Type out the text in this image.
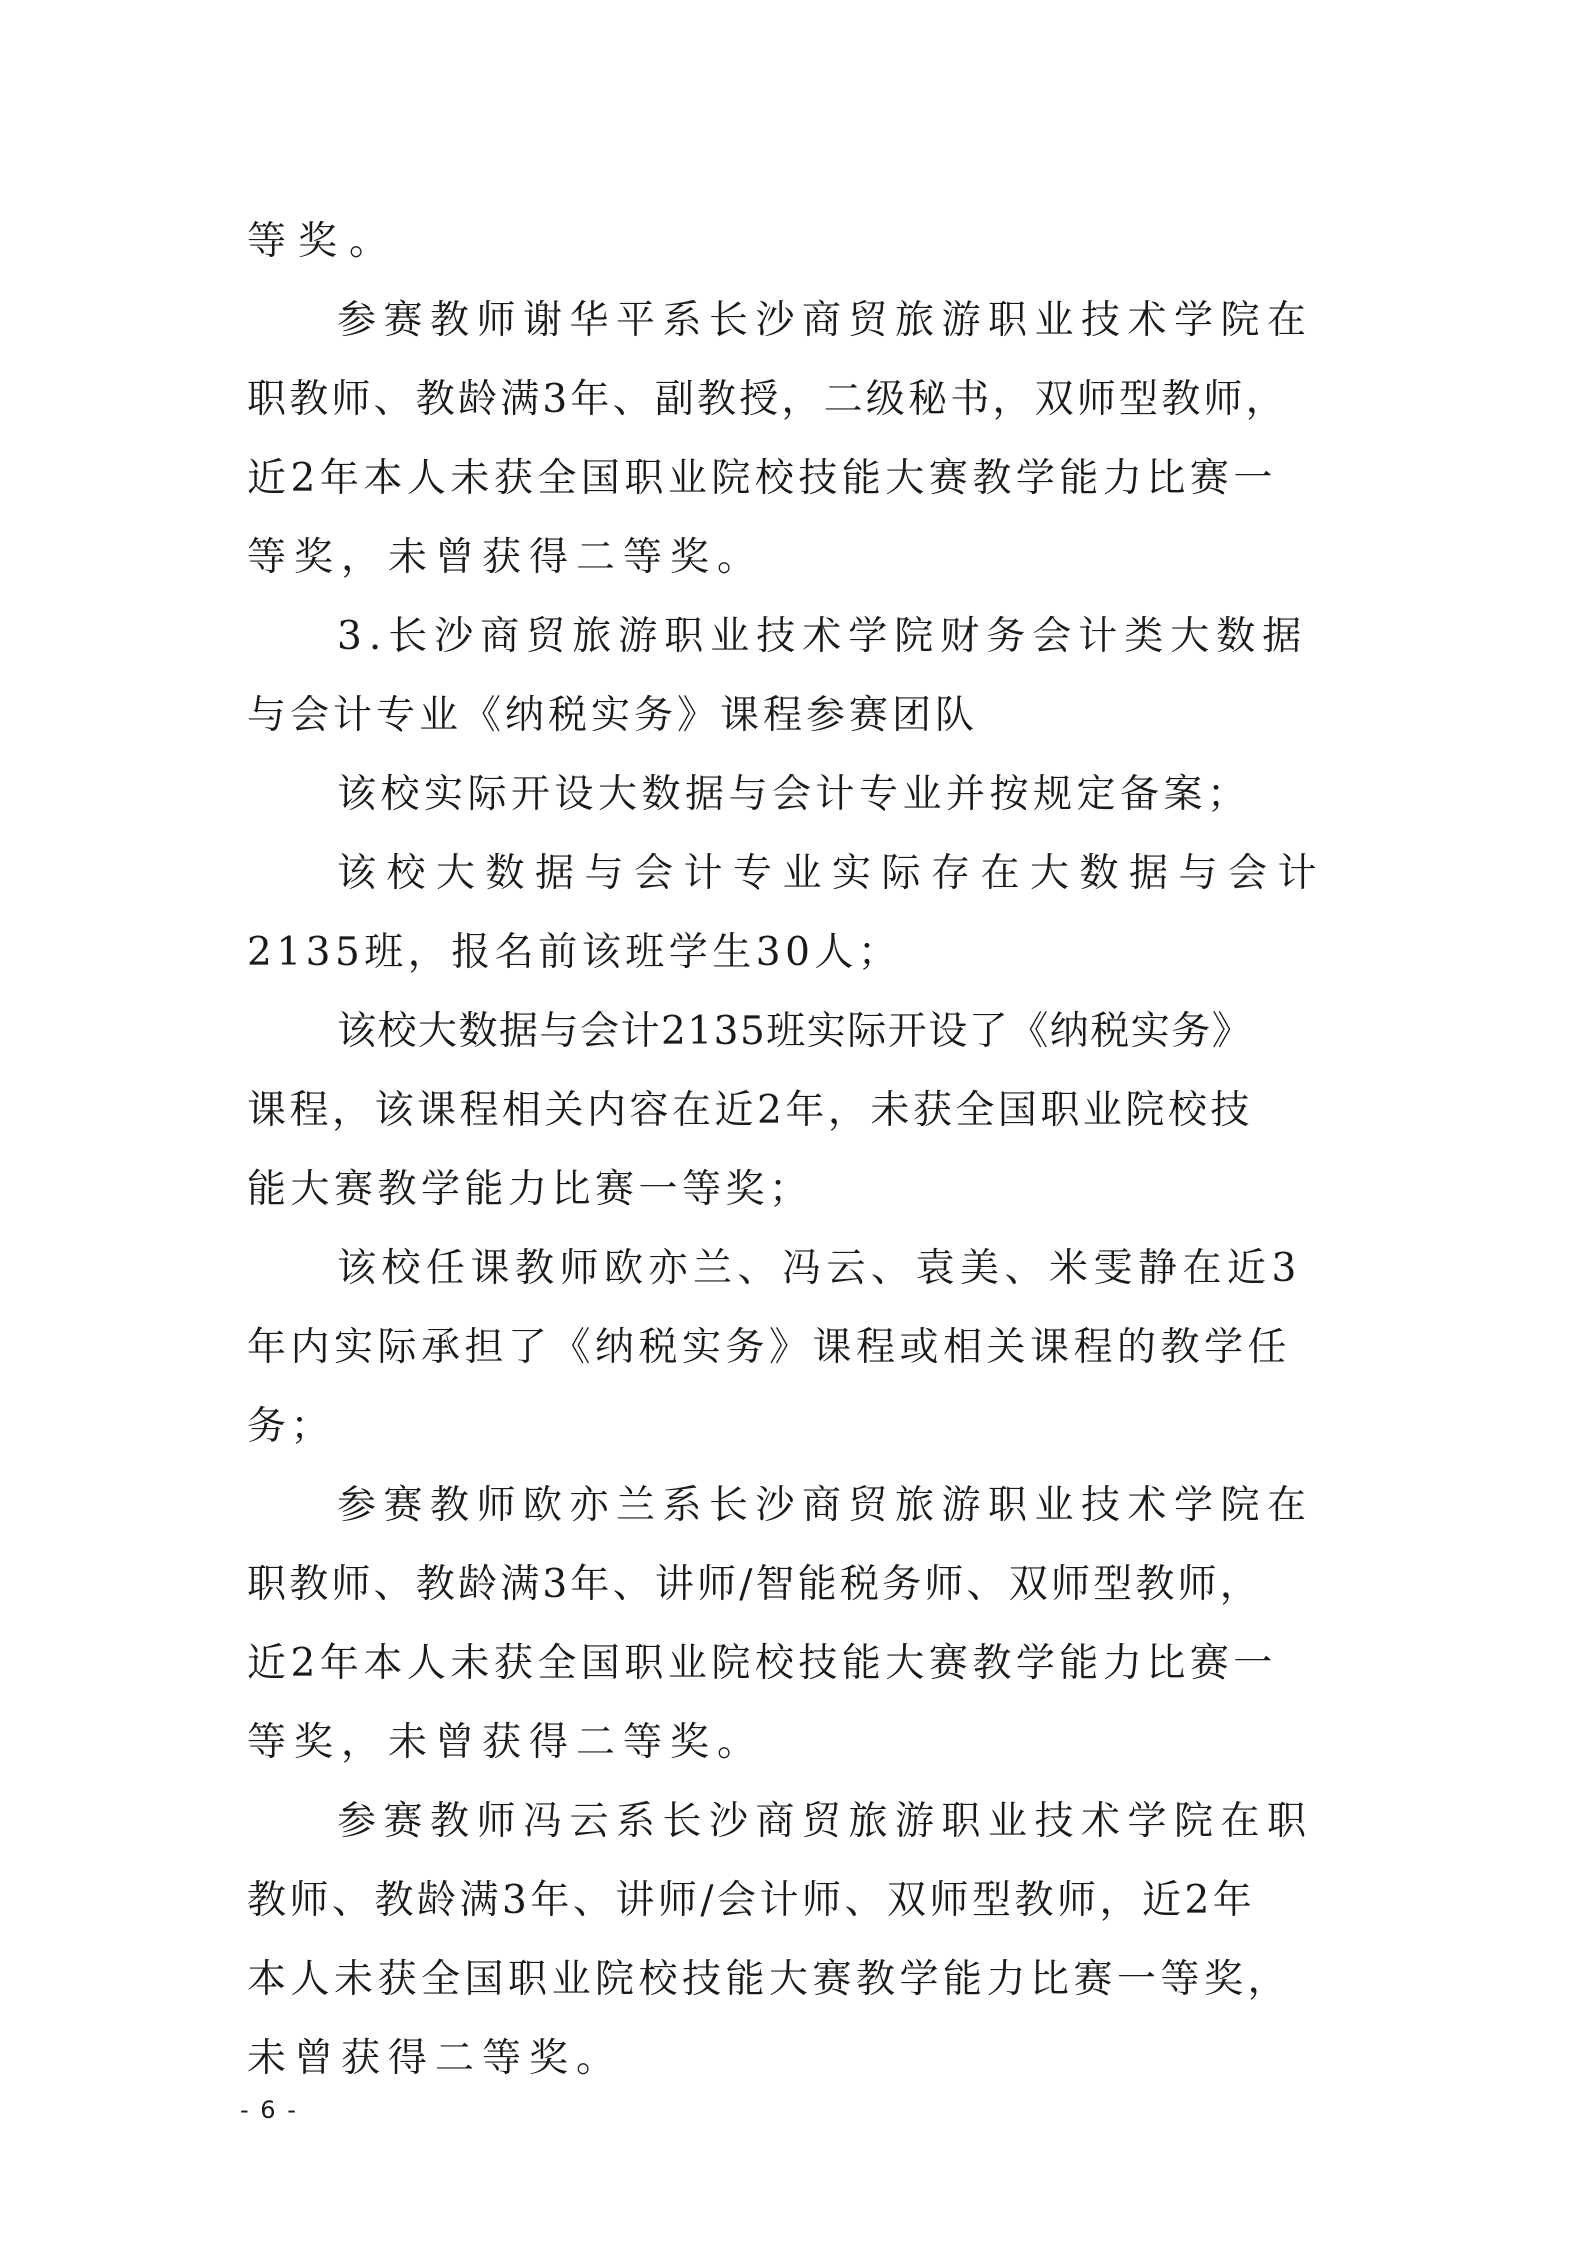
等奖。

参赛教师谢华平系长沙商贸旅游职业技术学院在

职教师、教龄满3年、副教授，二级秘书，双师型教师，

近2年本人未获全国职业院校技能大赛教学能力比赛一

等奖，未曾获得二等奖。

3.长沙商贸旅游职业技术学院财务会计类大数据

与会计专业《纳税实务》课程参赛团队

该校实际开设大数据与会计专业并按规定备案；

该校大数据与会计专业实际存在大数据与会计

2135班，报名前该班学生30人；

该校大数据与会计2135班实际开设了《纳税实务》

课程，该课程相关内容在近2年，未获全国职业院校技

能大赛教学能力比赛一等奖；

该校任课教师欧亦兰、冯云、袁美、米雯静在近3

年内实际承担了《纳税实务》课程或相关课程的教学任

务；

参赛教师欧亦兰系长沙商贸旅游职业技术学院在

职教师、教龄满3年、讲师/智能税务师、双师型教师，

近2年本人未获全国职业院校技能大赛教学能力比赛一

等奖，未曾获得二等奖。

参赛教师冯云系长沙商贸旅游职业技术学院在职

教师、教龄满3年、讲师/会计师、双师型教师，近2年

本人未获全国职业院校技能大赛教学能力比赛一等奖，

未曾获得二等奖。

- 6 -
